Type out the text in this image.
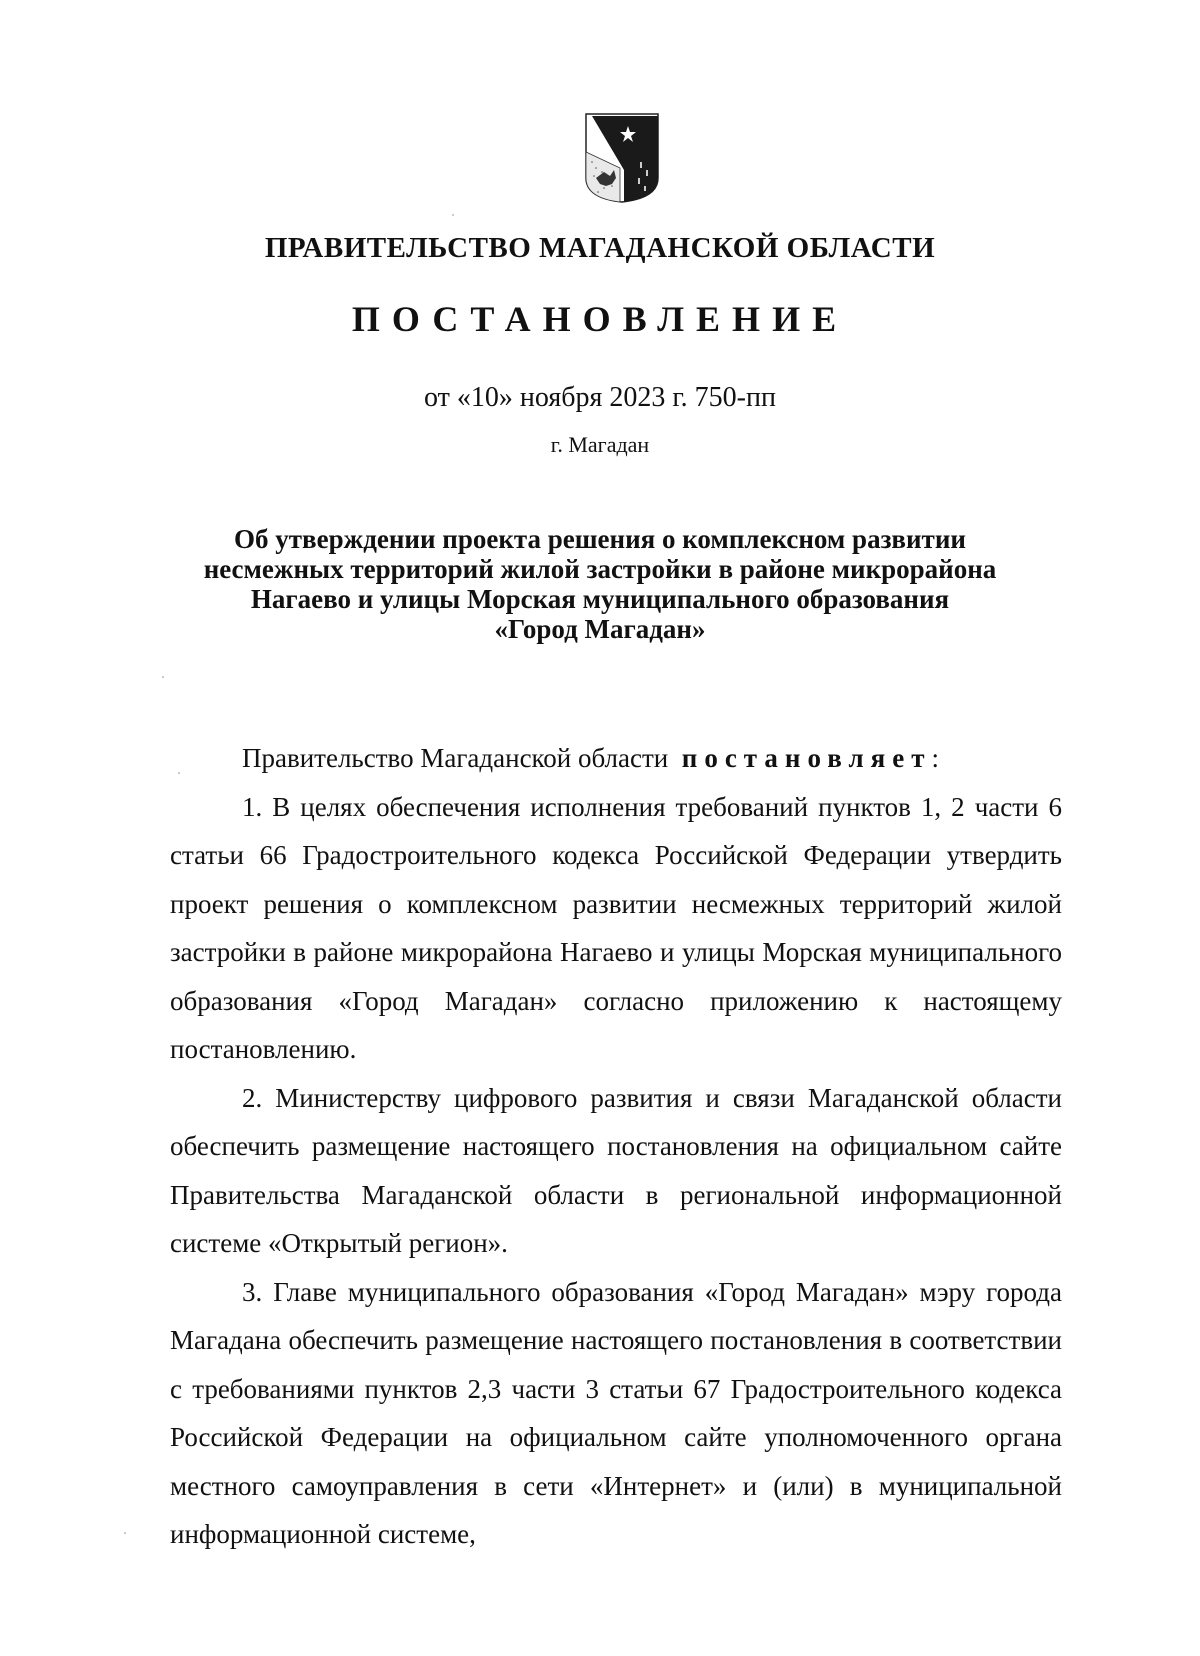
ПРАВИТЕЛЬСТВО МАГАДАНСКОЙ ОБЛАСТИ
ПОСТАНОВЛЕНИЕ
от «10» ноября 2023 г. 750-пп
г. Магадан
Об утверждении проекта решения о комплексном развитии
несмежных территорий жилой застройки в районе микрорайона
Нагаево и улицы Морская муниципального образования
«Город Магадан»

Правительство Магаданской области постановляет:

1. В целях обеспечения исполнения требований пунктов 1, 2 части 6 статьи 66 Градостроительного кодекса Российской Федерации утвердить проект решения о комплексном развитии несмежных территорий жилой застройки в районе микрорайона Нагаево и улицы Морская муниципального образования «Город Магадан» согласно приложению к настоящему постановлению.

2. Министерству цифрового развития и связи Магаданской области обеспечить размещение настоящего постановления на официальном сайте Правительства Магаданской области в региональной информационной системе «Открытый регион».

3. Главе муниципального образования «Город Магадан» мэру города Магадана обеспечить размещение настоящего постановления в соответствии с требованиями пунктов 2,3 части 3 статьи 67 Градостроительного кодекса Российской Федерации на официальном сайте уполномоченного органа местного самоуправления в сети «Интернет» и (или) в муниципальной информационной системе,
